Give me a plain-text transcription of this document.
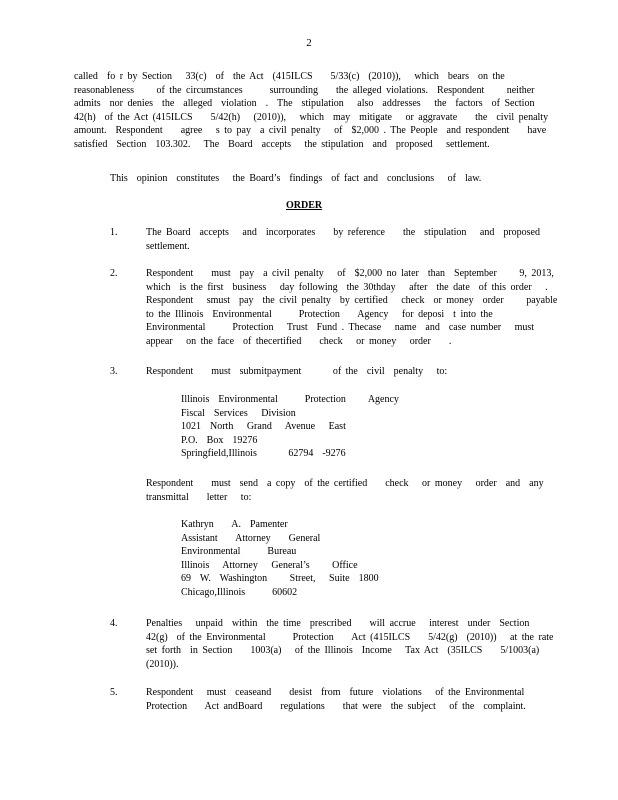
2
called  fo r by Section   33(c)  of  the Act  (415ILCS    5/33(c)  (2010)),   which  bears  on the
reasonableness     of the circumstances      surrounding    the alleged violations.  Respondent     neither
admits  nor denies  the  alleged  violation  .  The  stipulation   also  addresses   the  factors  of Section
42(h)  of the Act (415ILCS    5/42(h)   (2010)),   which  may  mitigate   or aggravate    the  civil penalty
amount.  Respondent    agree   s to pay  a civil penalty   of  $2,000 . The People  and respondent    have
satisfied  Section  103.302.   The  Board  accepts   the stipulation  and  proposed   settlement.
This  opinion  constitutes   the Board’s  findings  of fact and  conclusions   of  law.
ORDER
1.	The Board  accepts   and  incorporates    by reference    the  stipulation   and  proposed
settlement.
2.	Respondent    must  pay  a civil penalty   of  $2,000 no later  than  September     9, 2013,
which  is the first  business   day following  the 30thday   after  the date  of this order   .
Respondent   smust  pay  the civil penalty  by certified   check  or money  order     payable
to the Illinois  Environmental      Protection    Agency   for deposi  t into the
Environmental      Protection   Trust  Fund . Thecase   name  and  case number   must
appear   on the face  of thecertified    check   or money   order    .
3.	Respondent    must  submitpayment       of the  civil  penalty   to:
Illinois  Environmental      Protection     Agency
Fiscal  Services   Division
1021  North   Grand   Avenue   East
P.O.  Box  19276
Springfield,Illinois       62794  -9276
Respondent    must  send  a copy  of the certified    check   or money   order  and  any
transmittal    letter   to:
Kathryn    A.  Pamenter
Assistant    Attorney    General
Environmental      Bureau
Illinois   Attorney   General’s     Office
69  W.  Washington     Street,   Suite  1800
Chicago,Illinois      60602
4.	Penalties   unpaid  within  the time  prescribed    will accrue   interest  under  Section
42(g)  of the Environmental      Protection    Act (415ILCS    5/42(g)  (2010))   at the rate
set forth  in Section    1003(a)   of the Illinois  Income   Tax Act  (35ILCS    5/1003(a)
(2010)).
5.	Respondent   must  ceaseand    desist  from  future  violations   of the Environmental
Protection    Act andBoard    regulations    that were  the subject   of the  complaint.
